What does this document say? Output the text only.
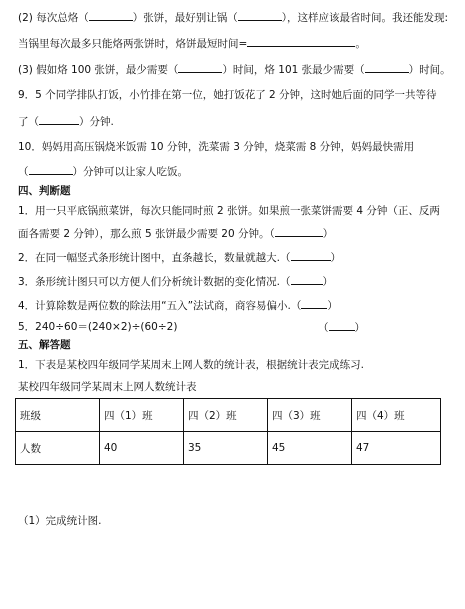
(2) 每次总烙（	）张饼，最好别让锅（	），这样应该最省时间。我还能发现:
当锅里每次最多只能烙两张饼时，烙饼最短时间=	。
(3) 假如烙 100 张饼，最少需要（	）时间，烙 101 张最少需要（	）时间。
9．5 个同学排队打饭，小竹排在第一位，她打饭花了 2 分钟，这时她后面的同学一共等待
了（	）分钟.
10．妈妈用高压锅烧米饭需 10 分钟，洗菜需 3 分钟，烧菜需 8 分钟，妈妈最快需用
（	）分钟可以让家人吃饭。
四、判断题
1．用一只平底锅煎菜饼，每次只能同时煎 2 张饼。如果煎一张菜饼需要 4 分钟（正、反两
面各需要 2 分钟），那么煎 5 张饼最少需要 20 分钟。（	）
2．在同一幅竖式条形统计图中，直条越长，数量就越大.（	）
3．条形统计图只可以方便人们分析统计数据的变化情况.（	）
4．计算除数是两位数的除法用“五入”法试商，商容易偏小.（ ）
5．240÷60＝(240×2)÷(60÷2)	（ ）
五、解答题
1．下表是某校四年级同学某周末上网人数的统计表，根据统计表完成练习.
某校四年级同学某周末上网人数统计表
班级	四（1）班	四（2）班	四（3）班	四（4）班
人数	40	35	45	47
（1）完成统计图.
